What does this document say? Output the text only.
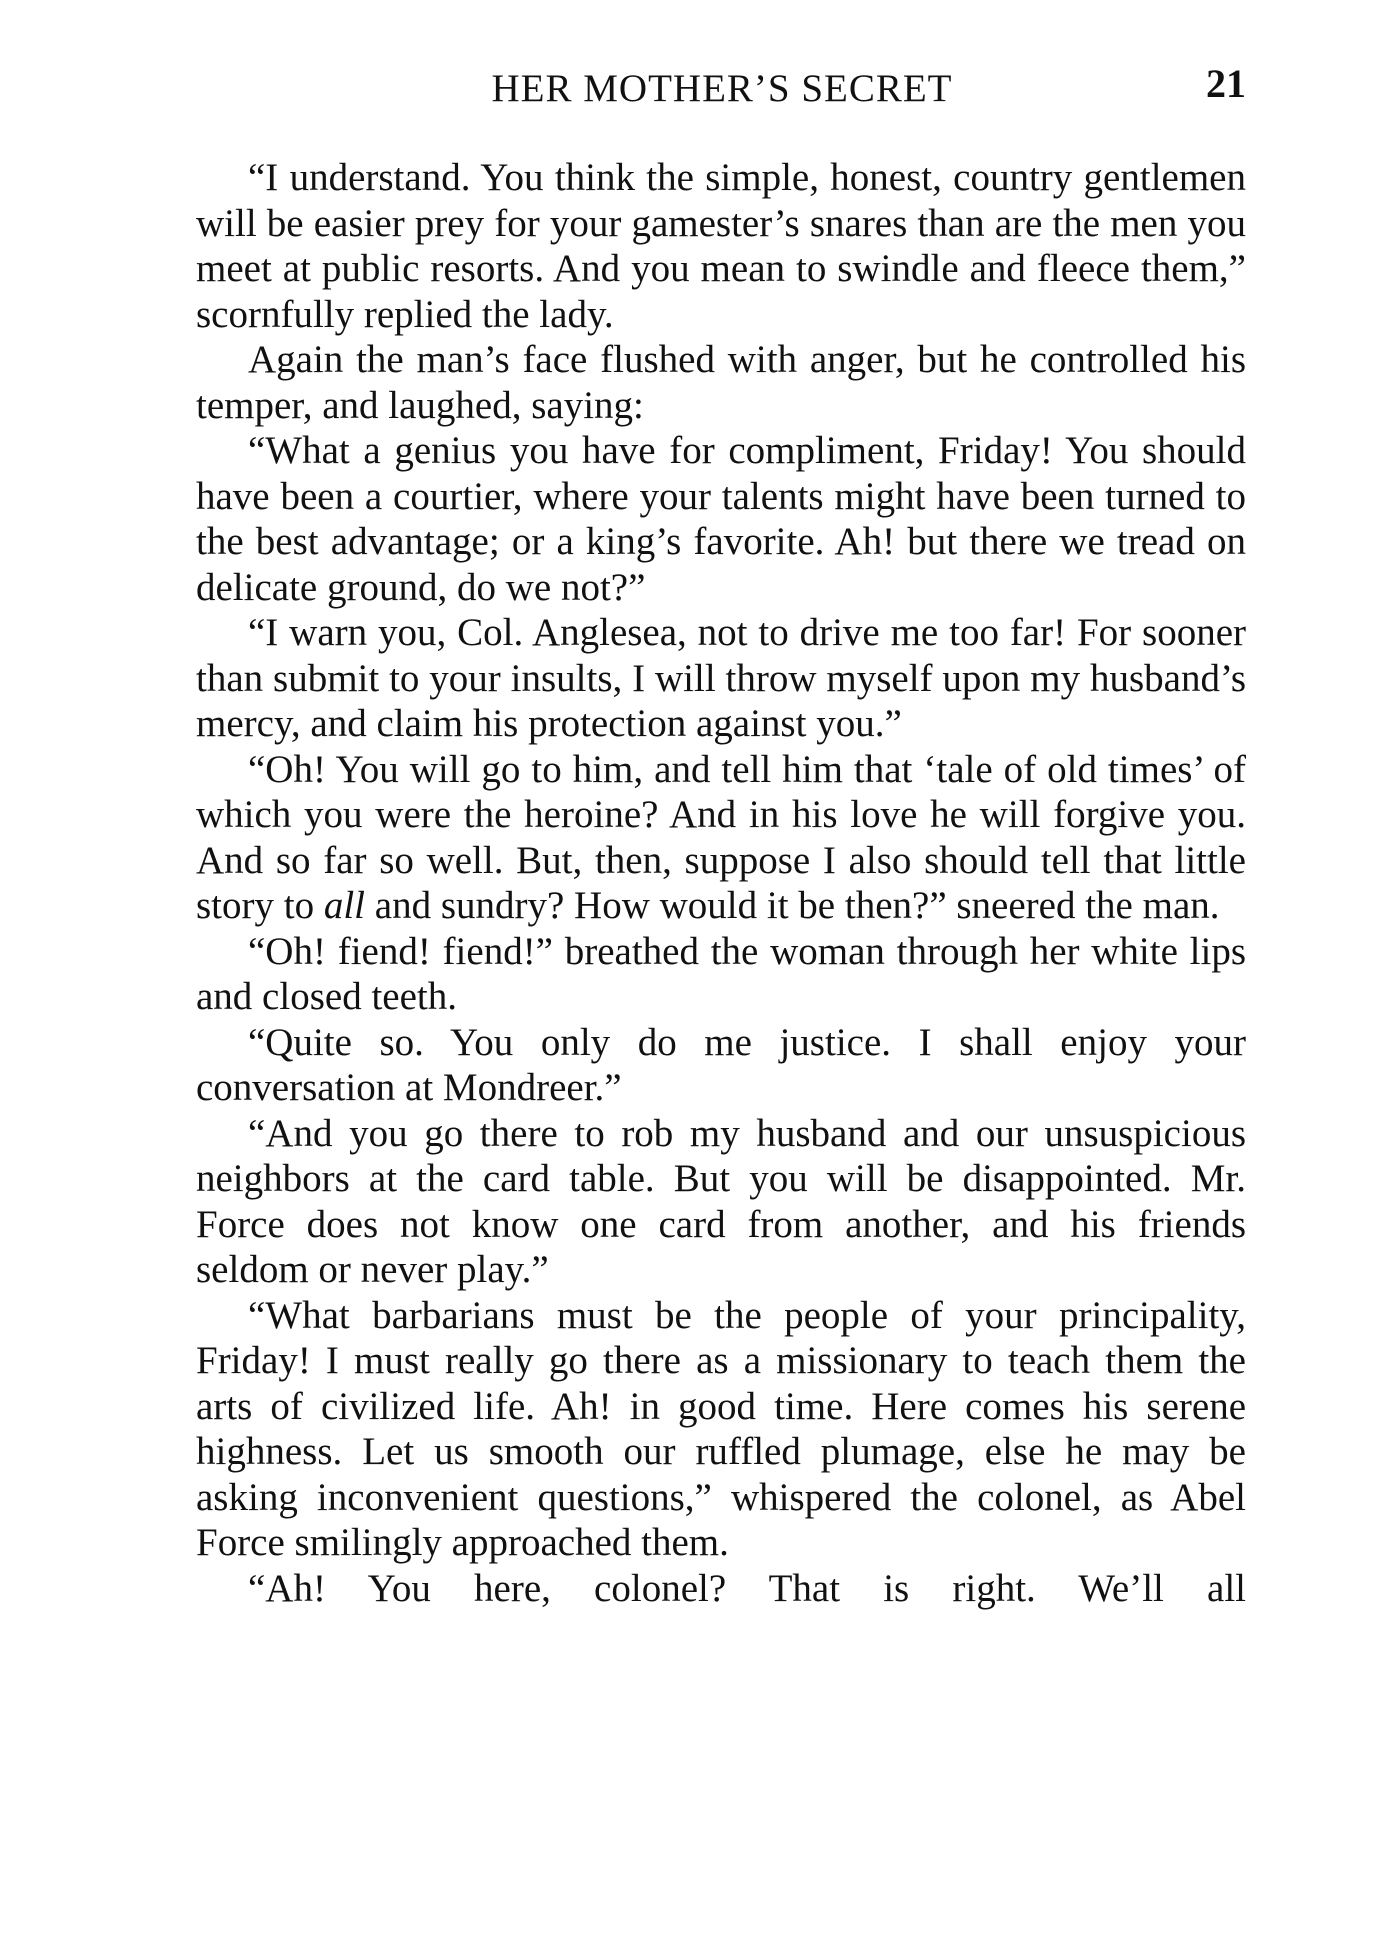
HER MOTHER’S SECRET	21

“I understand. You think the simple, honest, country gentlemen will be easier prey for your gamester’s snares than are the men you meet at public resorts. And you mean to swindle and fleece them,” scornfully replied the lady.

Again the man’s face flushed with anger, but he controlled his temper, and laughed, saying:

“What a genius you have for compliment, Friday! You should have been a courtier, where your talents might have been turned to the best advantage; or a king’s favorite. Ah! but there we tread on delicate ground, do we not?”

“I warn you, Col. Anglesea, not to drive me too far! For sooner than submit to your insults, I will throw myself upon my husband’s mercy, and claim his protection against you.”

“Oh! You will go to him, and tell him that ‘tale of old times’ of which you were the heroine? And in his love he will forgive you. And so far so well. But, then, suppose I also should tell that little story to all and sundry? How would it be then?” sneered the man.

“Oh! fiend! fiend!” breathed the woman through her white lips and closed teeth.

“Quite so. You only do me justice. I shall enjoy your conversation at Mondreer.”

“And you go there to rob my husband and our unsuspicious neighbors at the card table. But you will be disappointed. Mr. Force does not know one card from another, and his friends seldom or never play.”

“What barbarians must be the people of your principality, Friday! I must really go there as a missionary to teach them the arts of civilized life. Ah! in good time. Here comes his serene highness. Let us smooth our ruffled plumage, else he may be asking inconvenient questions,” whispered the colonel, as Abel Force smilingly approached them.

“Ah! You here, colonel? That is right. We’ll all
